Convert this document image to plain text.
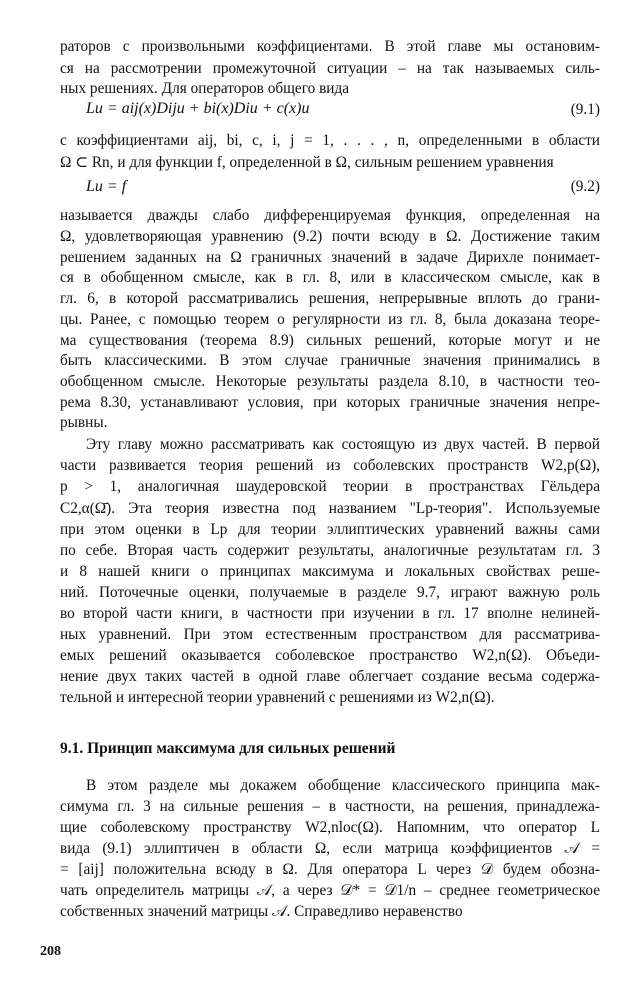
раторов с произвольными коэффициентами. В этой главе мы остановим-
ся на рассмотрении промежуточной ситуации – на так называемых силь-
ных решениях. Для операторов общего вида
Lu = aij(x)Diju + bi(x)Diu + c(x)u	(9.1)
с коэффициентами aij, bi, c, i, j = 1, . . . , n, определенными в области
Ω ⊂ Rn, и для функции f, определенной в Ω, сильным решением уравнения
Lu = f	(9.2)
называется дважды слабо дифференцируемая функция, определенная на
Ω, удовлетворяющая уравнению (9.2) почти всюду в Ω. Достижение таким
решением заданных на Ω граничных значений в задаче Дирихле понимает-
ся в обобщенном смысле, как в гл. 8, или в классическом смысле, как в
гл. 6, в которой рассматривались решения, непрерывные вплоть до грани-
цы. Ранее, с помощью теорем о регулярности из гл. 8, была доказана теоре-
ма существования (теорема 8.9) сильных решений, которые могут и не
быть классическими. В этом случае граничные значения принимались в
обобщенном смысле. Некоторые результаты раздела 8.10, в частности тео-
рема 8.30, устанавливают условия, при которых граничные значения непре-
рывны.
Эту главу можно рассматривать как состоящую из двух частей. В первой
части развивается теория решений из соболевских пространств W2,p(Ω),
p > 1, аналогичная шаудеровской теории в пространствах Гёльдера
C2,α(Ω̄). Эта теория известна под названием "Lp-теория". Используемые
при этом оценки в Lp для теории эллиптических уравнений важны сами
по себе. Вторая часть содержит результаты, аналогичные результатам гл. 3
и 8 нашей книги о принципах максимума и локальных свойствах реше-
ний. Поточечные оценки, получаемые в разделе 9.7, играют важную роль
во второй части книги, в частности при изучении в гл. 17 вполне нелиней-
ных уравнений. При этом естественным пространством для рассматрива-
емых решений оказывается соболевское пространство W2,n(Ω). Объеди-
нение двух таких частей в одной главе облегчает создание весьма содержа-
тельной и интересной теории уравнений с решениями из W2,n(Ω).
9.1. Принцип максимума для сильных решений
В этом разделе мы докажем обобщение классического принципа мак-
симума гл. 3 на сильные решения – в частности, на решения, принадлежа-
щие соболевскому пространству W2,nloc(Ω). Напомним, что оператор L
вида (9.1) эллиптичен в области Ω, если матрица коэффициентов 𝒜 =
= [aij] положительна всюду в Ω. Для оператора L через 𝒟 будем обозна-
чать определитель матрицы 𝒜, а через 𝒟* = 𝒟1/n – среднее геометрическое
собственных значений матрицы 𝒜. Справедливо неравенство
208
